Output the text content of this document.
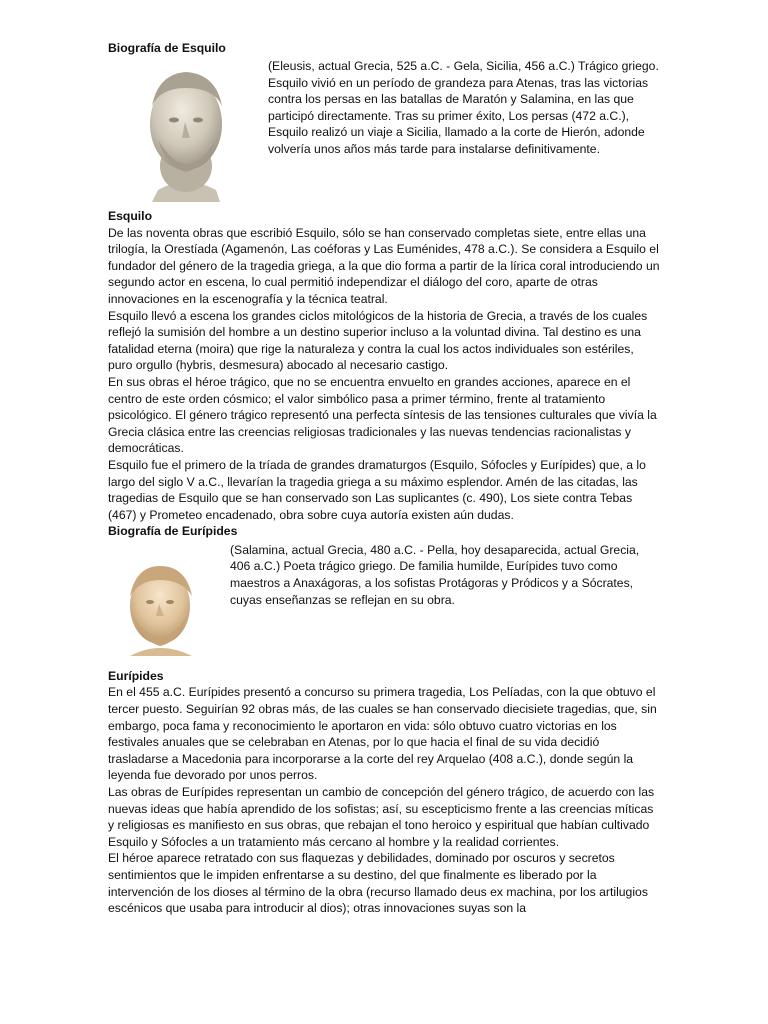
Biografía de Esquilo

(Eleusis, actual Grecia, 525 a.C. - Gela, Sicilia, 456 a.C.) Trágico griego. Esquilo vivió en un período de grandeza para Atenas, tras las victorias contra los persas en las batallas de Maratón y Salamina, en las que participó directamente. Tras su primer éxito, Los persas (472 a.C.), Esquilo realizó un viaje a Sicilia, llamado a la corte de Hierón, adonde volvería unos años más tarde para instalarse definitivamente.

Esquilo

De las noventa obras que escribió Esquilo, sólo se han conservado completas siete, entre ellas una trilogía, la Orestíada (Agamenón, Las coéforas y Las Euménides, 478 a.C.). Se considera a Esquilo el fundador del género de la tragedia griega, a la que dio forma a partir de la lírica coral introduciendo un segundo actor en escena, lo cual permitió independizar el diálogo del coro, aparte de otras innovaciones en la escenografía y la técnica teatral.

Esquilo llevó a escena los grandes ciclos mitológicos de la historia de Grecia, a través de los cuales reflejó la sumisión del hombre a un destino superior incluso a la voluntad divina. Tal destino es una fatalidad eterna (moira) que rige la naturaleza y contra la cual los actos individuales son estériles, puro orgullo (hybris, desmesura) abocado al necesario castigo.

En sus obras el héroe trágico, que no se encuentra envuelto en grandes acciones, aparece en el centro de este orden cósmico; el valor simbólico pasa a primer término, frente al tratamiento psicológico. El género trágico representó una perfecta síntesis de las tensiones culturales que vivía la Grecia clásica entre las creencias religiosas tradicionales y las nuevas tendencias racionalistas y democráticas.

Esquilo fue el primero de la tríada de grandes dramaturgos (Esquilo, Sófocles y Eurípides) que, a lo largo del siglo V a.C., llevarían la tragedia griega a su máximo esplendor. Amén de las citadas, las tragedias de Esquilo que se han conservado son Las suplicantes (c. 490), Los siete contra Tebas (467) y Prometeo encadenado, obra sobre cuya autoría existen aún dudas.

Biografía de Eurípides

(Salamina, actual Grecia, 480 a.C. - Pella, hoy desaparecida, actual Grecia, 406 a.C.) Poeta trágico griego. De familia humilde, Eurípides tuvo como maestros a Anaxágoras, a los sofistas Protágoras y Pródicos y a Sócrates, cuyas enseñanzas se reflejan en su obra.

Eurípides

En el 455 a.C. Eurípides presentó a concurso su primera tragedia, Los Pelíadas, con la que obtuvo el tercer puesto. Seguirían 92 obras más, de las cuales se han conservado diecisiete tragedias, que, sin embargo, poca fama y reconocimiento le aportaron en vida: sólo obtuvo cuatro victorias en los festivales anuales que se celebraban en Atenas, por lo que hacia el final de su vida decidió trasladarse a Macedonia para incorporarse a la corte del rey Arquelao (408 a.C.), donde según la leyenda fue devorado por unos perros.

Las obras de Eurípides representan un cambio de concepción del género trágico, de acuerdo con las nuevas ideas que había aprendido de los sofistas; así, su escepticismo frente a las creencias míticas y religiosas es manifiesto en sus obras, que rebajan el tono heroico y espiritual que habían cultivado Esquilo y Sófocles a un tratamiento más cercano al hombre y la realidad corrientes.

El héroe aparece retratado con sus flaquezas y debilidades, dominado por oscuros y secretos sentimientos que le impiden enfrentarse a su destino, del que finalmente es liberado por la intervención de los dioses al término de la obra (recurso llamado deus ex machina, por los artilugios escénicos que usaba para introducir al dios); otras innovaciones suyas son la
